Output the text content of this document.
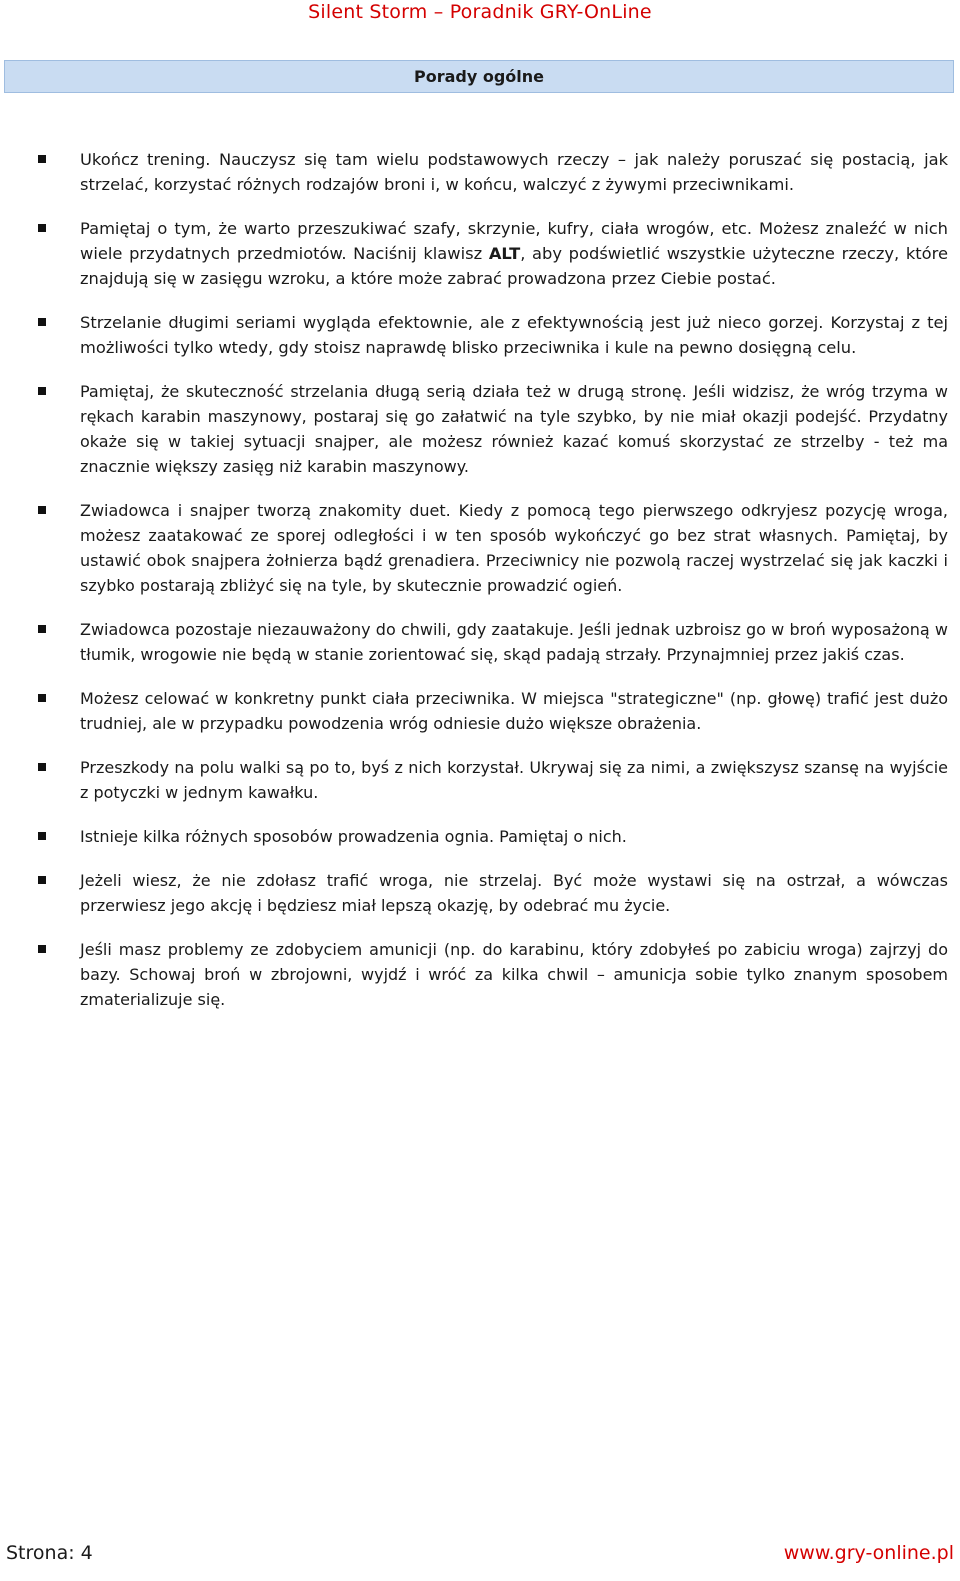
Silent Storm – Poradnik GRY-OnLine
Porady ogólne
Ukończ trening. Nauczysz się tam wielu podstawowych rzeczy – jak należy poruszać się postacią, jak strzelać, korzystać różnych rodzajów broni i, w końcu, walczyć z żywymi przeciwnikami.
Pamiętaj o tym, że warto przeszukiwać szafy, skrzynie, kufry, ciała wrogów, etc. Możesz znaleźć w nich wiele przydatnych przedmiotów. Naciśnij klawisz ALT, aby podświetlić wszystkie użyteczne rzeczy, które znajdują się w zasięgu wzroku, a które może zabrać prowadzona przez Ciebie postać.
Strzelanie długimi seriami wygląda efektownie, ale z efektywnością jest już nieco gorzej. Korzystaj z tej możliwości tylko wtedy, gdy stoisz naprawdę blisko przeciwnika i kule na pewno dosięgną celu.
Pamiętaj, że skuteczność strzelania długą serią działa też w drugą stronę. Jeśli widzisz, że wróg trzyma w rękach karabin maszynowy, postaraj się go załatwić na tyle szybko, by nie miał okazji podejść. Przydatny okaże się w takiej sytuacji snajper, ale możesz również kazać komuś skorzystać ze strzelby - też ma znacznie większy zasięg niż karabin maszynowy.
Zwiadowca i snajper tworzą znakomity duet. Kiedy z pomocą tego pierwszego odkryjesz pozycję wroga, możesz zaatakować ze sporej odległości i w ten sposób wykończyć go bez strat własnych. Pamiętaj, by ustawić obok snajpera żołnierza bądź grenadiera. Przeciwnicy nie pozwolą raczej wystrzelać się jak kaczki i szybko postarają zbliżyć się na tyle, by skutecznie prowadzić ogień.
Zwiadowca pozostaje niezauważony do chwili, gdy zaatakuje. Jeśli jednak uzbroisz go w broń wyposażoną w tłumik, wrogowie nie będą w stanie zorientować się, skąd padają strzały. Przynajmniej przez jakiś czas.
Możesz celować w konkretny punkt ciała przeciwnika. W miejsca "strategiczne" (np. głowę) trafić jest dużo trudniej, ale w przypadku powodzenia wróg odniesie dużo większe obrażenia.
Przeszkody na polu walki są po to, byś z nich korzystał. Ukrywaj się za nimi, a zwiększysz szansę na wyjście z potyczki w jednym kawałku.
Istnieje kilka różnych sposobów prowadzenia ognia. Pamiętaj o nich.
Jeżeli wiesz, że nie zdołasz trafić wroga, nie strzelaj. Być może wystawi się na ostrzał, a wówczas przerwiesz jego akcję i będziesz miał lepszą okazję, by odebrać mu życie.
Jeśli masz problemy ze zdobyciem amunicji (np. do karabinu, który zdobyłeś po zabiciu wroga) zajrzyj do bazy. Schowaj broń w zbrojowni, wyjdź i wróć za kilka chwil – amunicja sobie tylko znanym sposobem zmaterializuje się.
Strona: 4	www.gry-online.pl
